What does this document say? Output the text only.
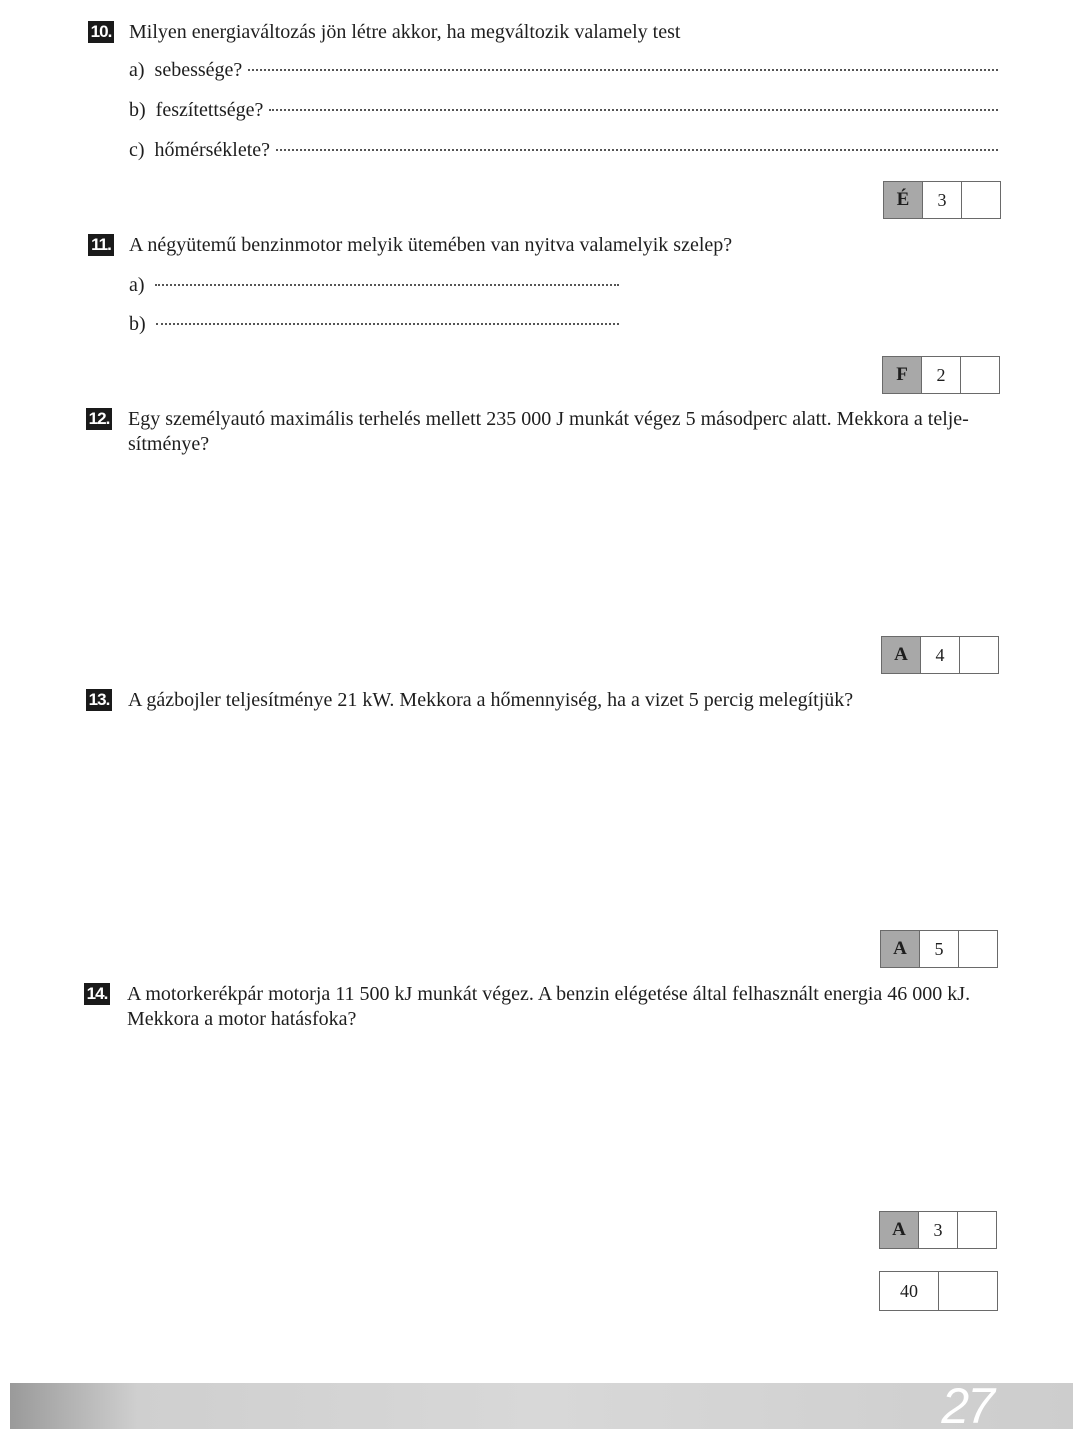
10. Milyen energiaváltozás jön létre akkor, ha megváltozik valamely test

a) sebessége?
b) feszítettsége?
c) hőmérséklete?
É	3
11. A négyütemű benzinmotor melyik ütemében van nyitva valamelyik szelep?

a)
b)
F	2
12. Egy személyautó maximális terhelés mellett 235 000 J munkát végez 5 másodperc alatt. Mekkora a telje-sítménye?

A	4
13. A gázbojler teljesítménye 21 kW. Mekkora a hőmennyiség, ha a vizet 5 percig melegítjük?

A	5
14. A motorkerékpár motorja 11 500 kJ munkát végez. A benzin elégetése által felhasznált energia 46 000 kJ. Mekkora a motor hatásfoka?

A	3
40
27
